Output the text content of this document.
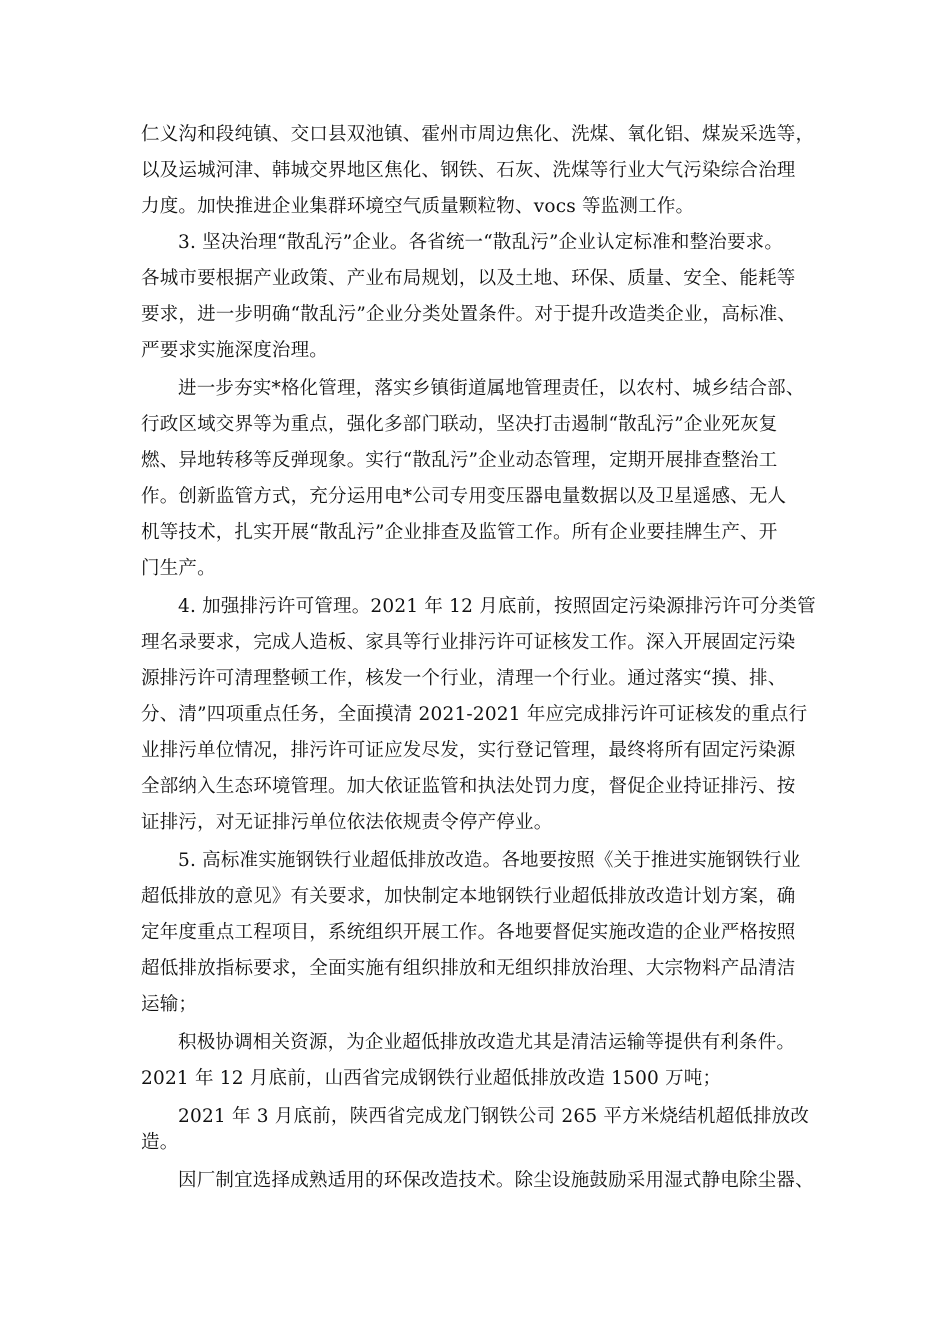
仁义沟和段纯镇、交口县双池镇、霍州市周边焦化、洗煤、氧化铝、煤炭采选等，
以及运城河津、韩城交界地区焦化、钢铁、石灰、洗煤等行业大气污染综合治理
力度。加快推进企业集群环境空气质量颗粒物、vocs 等监测工作。
3. 坚决治理“散乱污”企业。各省统一“散乱污”企业认定标准和整治要求。
各城市要根据产业政策、产业布局规划，以及土地、环保、质量、安全、能耗等
要求，进一步明确“散乱污”企业分类处置条件。对于提升改造类企业，高标准、
严要求实施深度治理。
进一步夯实*格化管理，落实乡镇街道属地管理责任，以农村、城乡结合部、
行政区域交界等为重点，强化多部门联动，坚决打击遏制“散乱污”企业死灰复
燃、异地转移等反弹现象。实行“散乱污”企业动态管理，定期开展排查整治工
作。创新监管方式，充分运用电*公司专用变压器电量数据以及卫星遥感、无人
机等技术，扎实开展“散乱污”企业排查及监管工作。所有企业要挂牌生产、开
门生产。
4. 加强排污许可管理。2021 年 12 月底前，按照固定污染源排污许可分类管
理名录要求，完成人造板、家具等行业排污许可证核发工作。深入开展固定污染
源排污许可清理整顿工作，核发一个行业，清理一个行业。通过落实“摸、排、
分、清”四项重点任务，全面摸清 2021-2021 年应完成排污许可证核发的重点行
业排污单位情况，排污许可证应发尽发，实行登记管理，最终将所有固定污染源
全部纳入生态环境管理。加大依证监管和执法处罚力度，督促企业持证排污、按
证排污，对无证排污单位依法依规责令停产停业。
5. 高标准实施钢铁行业超低排放改造。各地要按照《关于推进实施钢铁行业
超低排放的意见》有关要求，加快制定本地钢铁行业超低排放改造计划方案，确
定年度重点工程项目，系统组织开展工作。各地要督促实施改造的企业严格按照
超低排放指标要求，全面实施有组织排放和无组织排放治理、大宗物料产品清洁
运输；
积极协调相关资源，为企业超低排放改造尤其是清洁运输等提供有利条件。
2021 年 12 月底前，山西省完成钢铁行业超低排放改造 1500 万吨；
2021 年 3 月底前，陕西省完成龙门钢铁公司 265 平方米烧结机超低排放改
造。
因厂制宜选择成熟适用的环保改造技术。除尘设施鼓励采用湿式静电除尘器、
